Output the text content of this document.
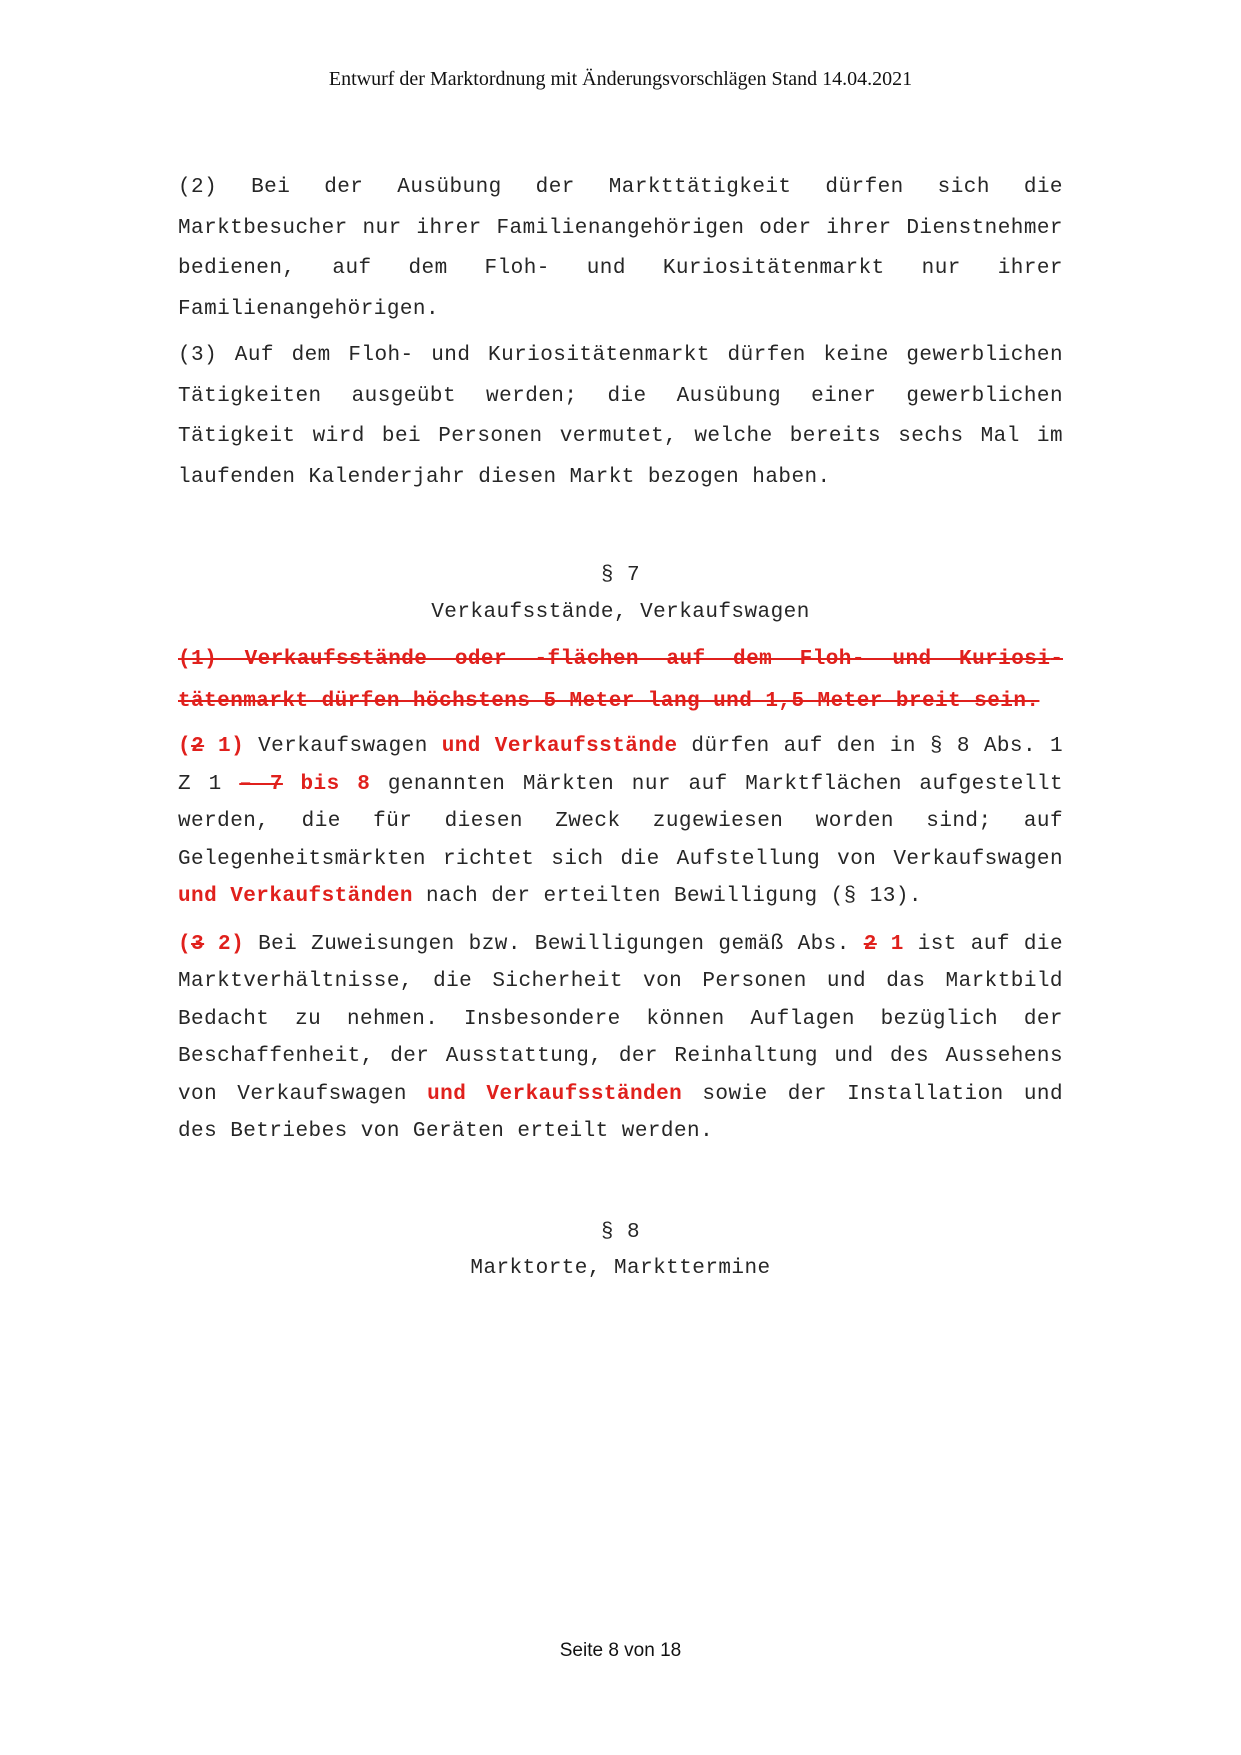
Entwurf der Marktordnung mit Änderungsvorschlägen Stand 14.04.2021

(2) Bei der Ausübung der Markttätigkeit dürfen sich die Marktbesucher nur ihrer Familienangehörigen oder ihrer Dienstnehmer bedienen, auf dem Floh- und Kuriositätenmarkt nur ihrer Familienangehörigen.

(3) Auf dem Floh- und Kuriositätenmarkt dürfen keine gewerblichen Tätigkeiten ausgeübt werden; die Ausübung einer gewerblichen Tätigkeit wird bei Personen vermutet, welche bereits sechs Mal im laufenden Kalenderjahr diesen Markt bezogen haben.

§ 7

Verkaufsstände, Verkaufswagen

(1) Verkaufsstände oder -flächen auf dem Floh- und Kuriositätenmarkt dürfen höchstens 5 Meter lang und 1,5 Meter breit sein.

(2 1) Verkaufswagen und Verkaufsstände dürfen auf den in § 8 Abs. 1 Z 1 – 7 bis 8 genannten Märkten nur auf Marktflächen aufgestellt werden, die für diesen Zweck zugewiesen worden sind; auf Gelegenheitsmärkten richtet sich die Aufstellung von Verkaufswagen und Verkaufständen nach der erteilten Bewilligung (§ 13).

(3 2) Bei Zuweisungen bzw. Bewilligungen gemäß Abs. 2 1 ist auf die Marktverhältnisse, die Sicherheit von Personen und das Marktbild Bedacht zu nehmen. Insbesondere können Auflagen bezüglich der Beschaffenheit, der Ausstattung, der Reinhaltung und des Aussehens von Verkaufswagen und Verkaufsständen sowie der Installation und des Betriebes von Geräten erteilt werden.

§ 8

Marktorte, Markttermine

Seite 8 von 18
